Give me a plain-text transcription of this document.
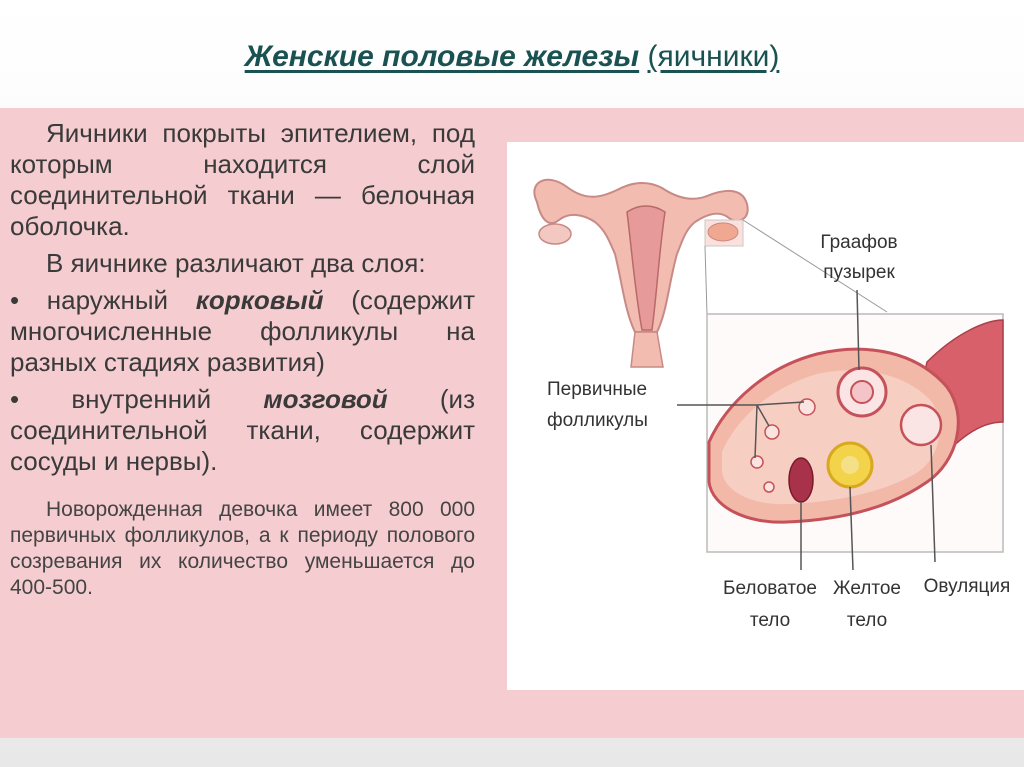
Женские половые железы (яичники)

Яичники покрыты эпителием, под которым находится слой соединительной ткани — белочная оболочка.

В яичнике различают два слоя:

• наружный корковый (содержит многочисленные фолликулы на разных стадиях развития)

• внутренний мозговой (из соединительной ткани, содержит сосуды и нервы).

Новорожденная девочка имеет 800 000 первичных фолликулов, а к периоду полового созревания их количество уменьшается до 400-500.

Граафов
пузырек
Первичные
фолликулы
Беловатое
тело
Желтое
тело
Овуляция
